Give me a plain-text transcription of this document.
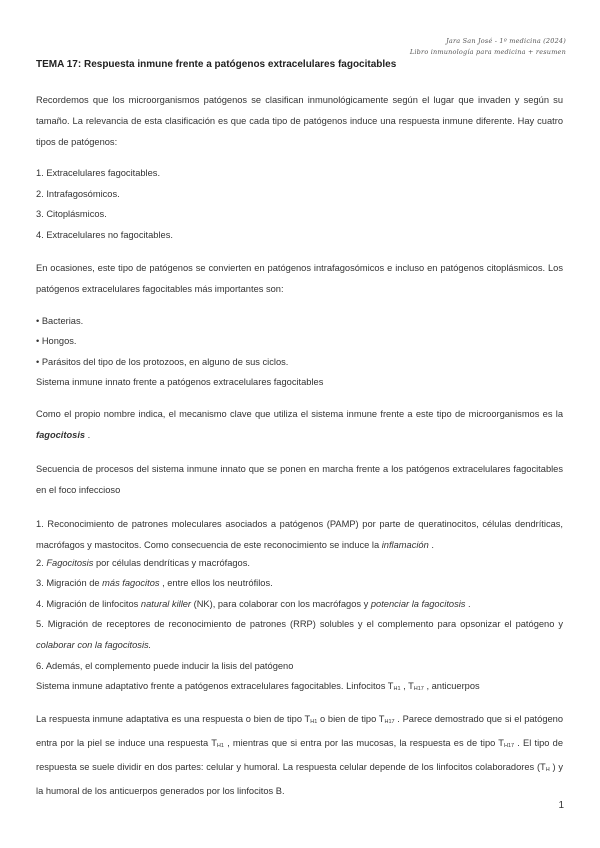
Jara San José - 1º medicina (2024)
Libro inmunología para medicina + resumen
TEMA 17: Respuesta inmune frente a patógenos extracelulares fagocitables

Recordemos que los microorganismos patógenos se clasifican inmunológicamente según el lugar que invaden y según su tamaño. La relevancia de esta clasificación es que cada tipo de patógenos induce una respuesta inmune diferente. Hay cuatro tipos de patógenos:

1. Extracelulares fagocitables.
2. Intrafagosómicos.
3. Citoplásmicos.
4. Extracelulares no fagocitables.

En ocasiones, este tipo de patógenos se convierten en patógenos intrafagosómicos e incluso en patógenos citoplásmicos. Los patógenos extracelulares fagocitables más importantes son:

• Bacterias.
• Hongos.
• Parásitos del tipo de los protozoos, en alguno de sus ciclos.
Sistema inmune innato frente a patógenos extracelulares fagocitables

Como el propio nombre indica, el mecanismo clave que utiliza el sistema inmune frente a este tipo de microorganismos es la fagocitosis .

Secuencia de procesos del sistema inmune innato que se ponen en marcha frente a los patógenos extracelulares fagocitables en el foco infeccioso

1. Reconocimiento de patrones moleculares asociados a patógenos (PAMP) por parte de queratinocitos, células dendríticas, macrófagos y mastocitos. Como consecuencia de este reconocimiento se induce la inflamación .

2. Fagocitosis por células dendríticas y macrófagos.
3. Migración de más fagocitos , entre ellos los neutrófilos.
4. Migración de linfocitos natural killer (NK), para colaborar con los macrófagos y potenciar la fagocitosis .

5. Migración de receptores de reconocimiento de patrones (RRP) solubles y el complemento para opsonizar el patógeno y colaborar con la fagocitosis.

6. Además, el complemento puede inducir la lisis del patógeno
Sistema inmune adaptativo frente a patógenos extracelulares fagocitables. Linfocitos $T_{H1}$ , $T_{H17}$ , anticuerpos

La respuesta inmune adaptativa es una respuesta o bien de tipo $T_{H1}$ o bien de tipo $T_{H17}$ . Parece demostrado que si el patógeno entra por la piel se induce una respuesta $T_{H1}$ , mientras que si entra por las mucosas, la respuesta es de tipo $T_{H17}$ . El tipo de respuesta se suele dividir en dos partes: celular y humoral. La respuesta celular depende de los linfocitos colaboradores ($T_H$ ) y la humoral de los anticuerpos generados por los linfocitos B.

1
